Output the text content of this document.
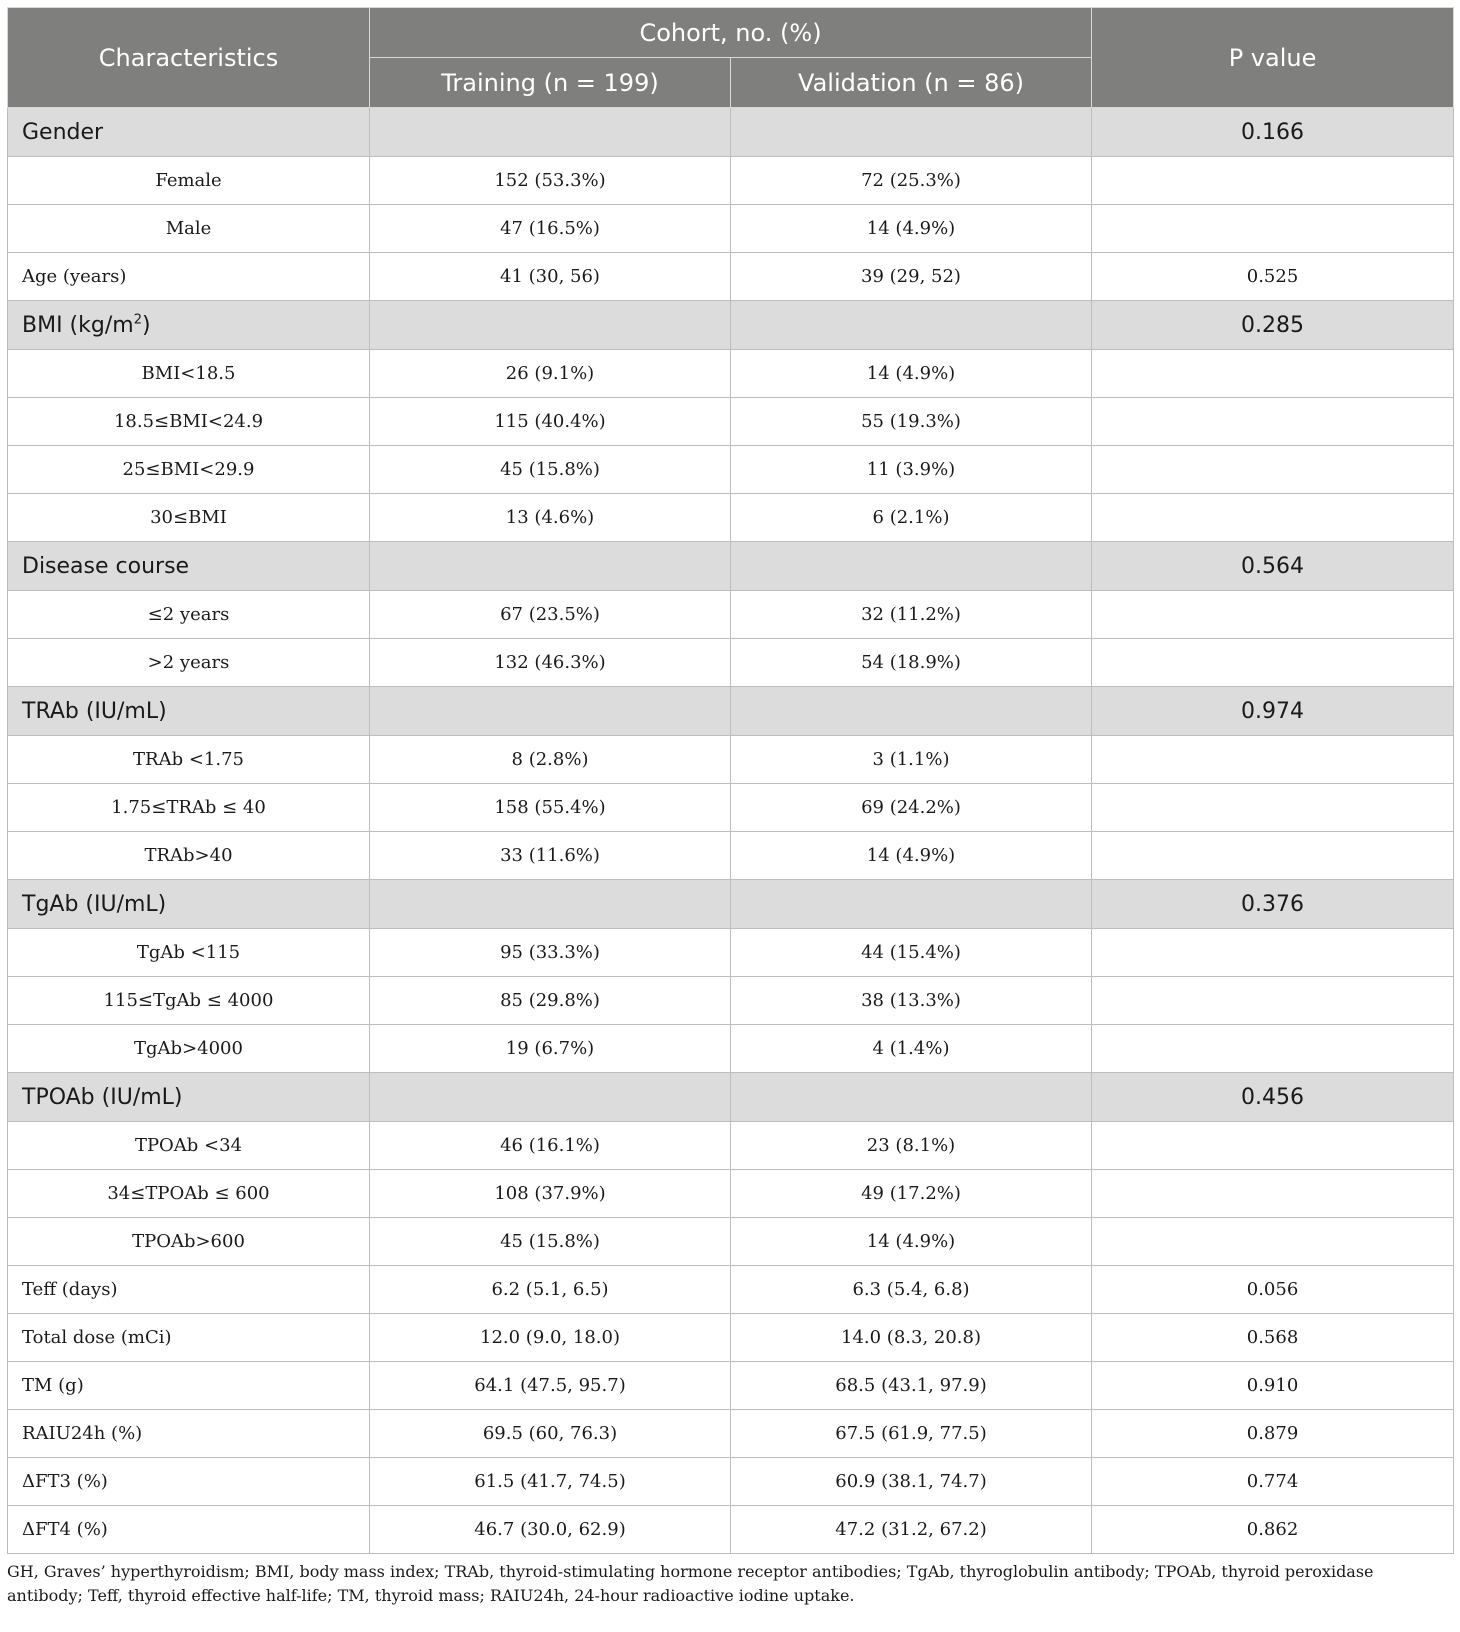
Characteristics	Cohort, no. (%)		P value
	Training (n = 199)	Validation (n = 86)	
Gender			0.166
Female	152 (53.3%)	72 (25.3%)	
Male	47 (16.5%)	14 (4.9%)	
Age (years)	41 (30, 56)	39 (29, 52)	0.525
BMI $(kg/m^2)$			0.285
BMI<18.5	26 (9.1%)	14 (4.9%)	
18.5≤BMI<24.9	115 (40.4%)	55 (19.3%)	
25≤BMI<29.9	45 (15.8%)	11 (3.9%)	
30≤BMI	13 (4.6%)	6 (2.1%)	
Disease course			0.564
≤2 years	67 (23.5%)	32 (11.2%)	
>2 years	132 (46.3%)	54 (18.9%)	
TRAb (IU/mL)			0.974
TRAb <1.75	8 (2.8%)	3 (1.1%)	
1.75≤TRAb ≤ 40	158 (55.4%)	69 (24.2%)	
TRAb>40	33 (11.6%)	14 (4.9%)	
TgAb (IU/mL)			0.376
TgAb <115	95 (33.3%)	44 (15.4%)	
115≤TgAb ≤ 4000	85 (29.8%)	38 (13.3%)	
TgAb>4000	19 (6.7%)	4 (1.4%)	
TPOAb (IU/mL)			0.456
TPOAb <34	46 (16.1%)	23 (8.1%)	
34≤TPOAb ≤ 600	108 (37.9%)	49 (17.2%)	
TPOAb>600	45 (15.8%)	14 (4.9%)	
Teff (days)	6.2 (5.1, 6.5)	6.3 (5.4, 6.8)	0.056
Total dose (mCi)	12.0 (9.0, 18.0)	14.0 (8.3, 20.8)	0.568
TM (g)	64.1 (47.5, 95.7)	68.5 (43.1, 97.9)	0.910
RAIU24h (%)	69.5 (60, 76.3)	67.5 (61.9, 77.5)	0.879
ΔFT3 (%)	61.5 (41.7, 74.5)	60.9 (38.1, 74.7)	0.774
ΔFT4 (%)	46.7 (30.0, 62.9)	47.2 (31.2, 67.2)	0.862
GH, Graves’ hyperthyroidism; BMI, body mass index; TRAb, thyroid-stimulating hormone receptor antibodies; TgAb, thyroglobulin antibody; TPOAb, thyroid peroxidase antibody; Teff, thyroid effective half-life; TM, thyroid mass; RAIU24h, 24-hour radioactive iodine uptake.
